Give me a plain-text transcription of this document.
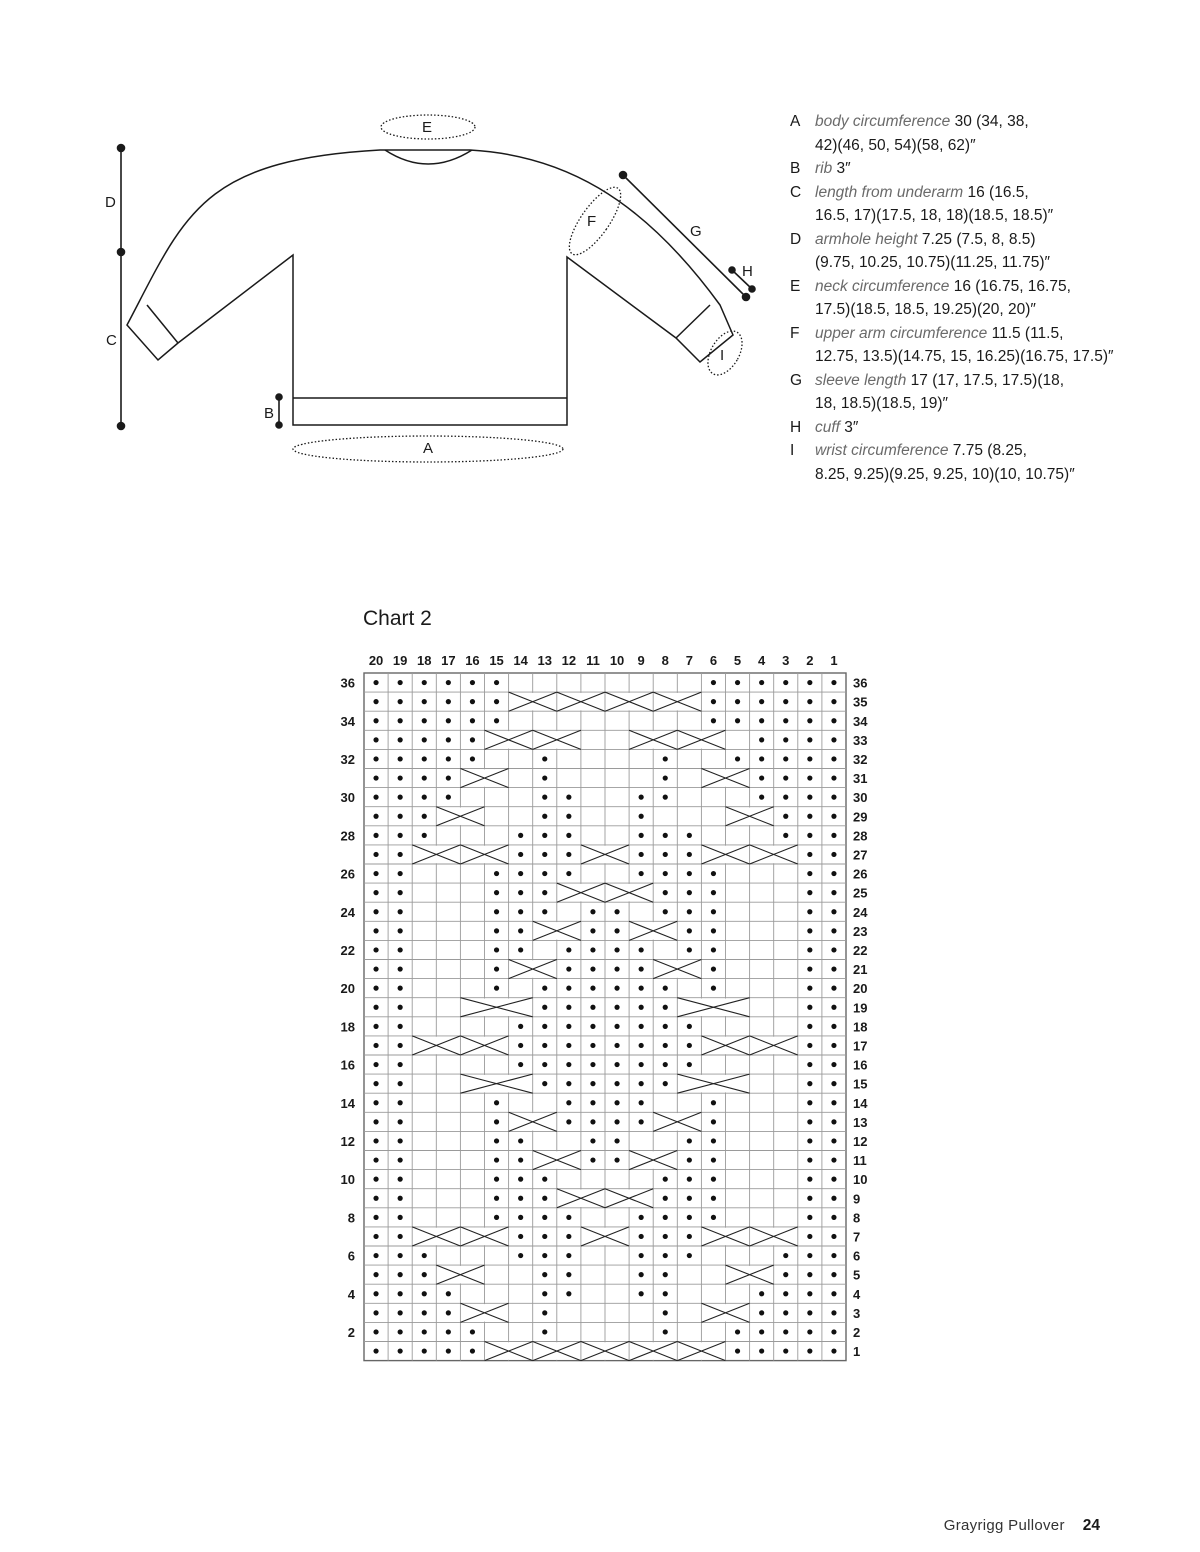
E
D
C
B
A
F
G
H
I
A body circumference 30 (34, 38,
42)(46, 50, 54)(58, 62)″
B rib 3″
C length from underarm 16 (16.5,
16.5, 17)(17.5, 18, 18)(18.5, 18.5)″
D armhole height 7.25 (7.5, 8, 8.5)
(9.75, 10.25, 10.75)(11.25, 11.75)″
E neck circumference 16 (16.75, 16.75,
17.5)(18.5, 18.5, 19.25)(20, 20)″
F	upper arm circumference 11.5 (11.5,
12.75, 13.5)(14.75, 15, 16.25)(16.75, 17.5)″
G sleeve length 17 (17, 17.5, 17.5)(18,
18, 18.5)(18.5, 19)″
H cuff 3″
I	wrist circumference 7.75 (8.25,
8.25, 9.25)(9.25, 9.25, 10)(10, 10.75)″
Chart 2
20 19 18 17 16 15 14 13 12 11 10 9 8 7 6 5 4 3 2 1
36
35
34
33
32
31
30
29
28
27
26
25
24
23
22
21
20
19
18
17
16
15
14
13
12
11
10
9
8
7
6
5
4
3
2
1
36
34
32
30
28
26
24
22
20
18
16
14
12
10
8
6
4
2
Grayrigg Pullover 24
